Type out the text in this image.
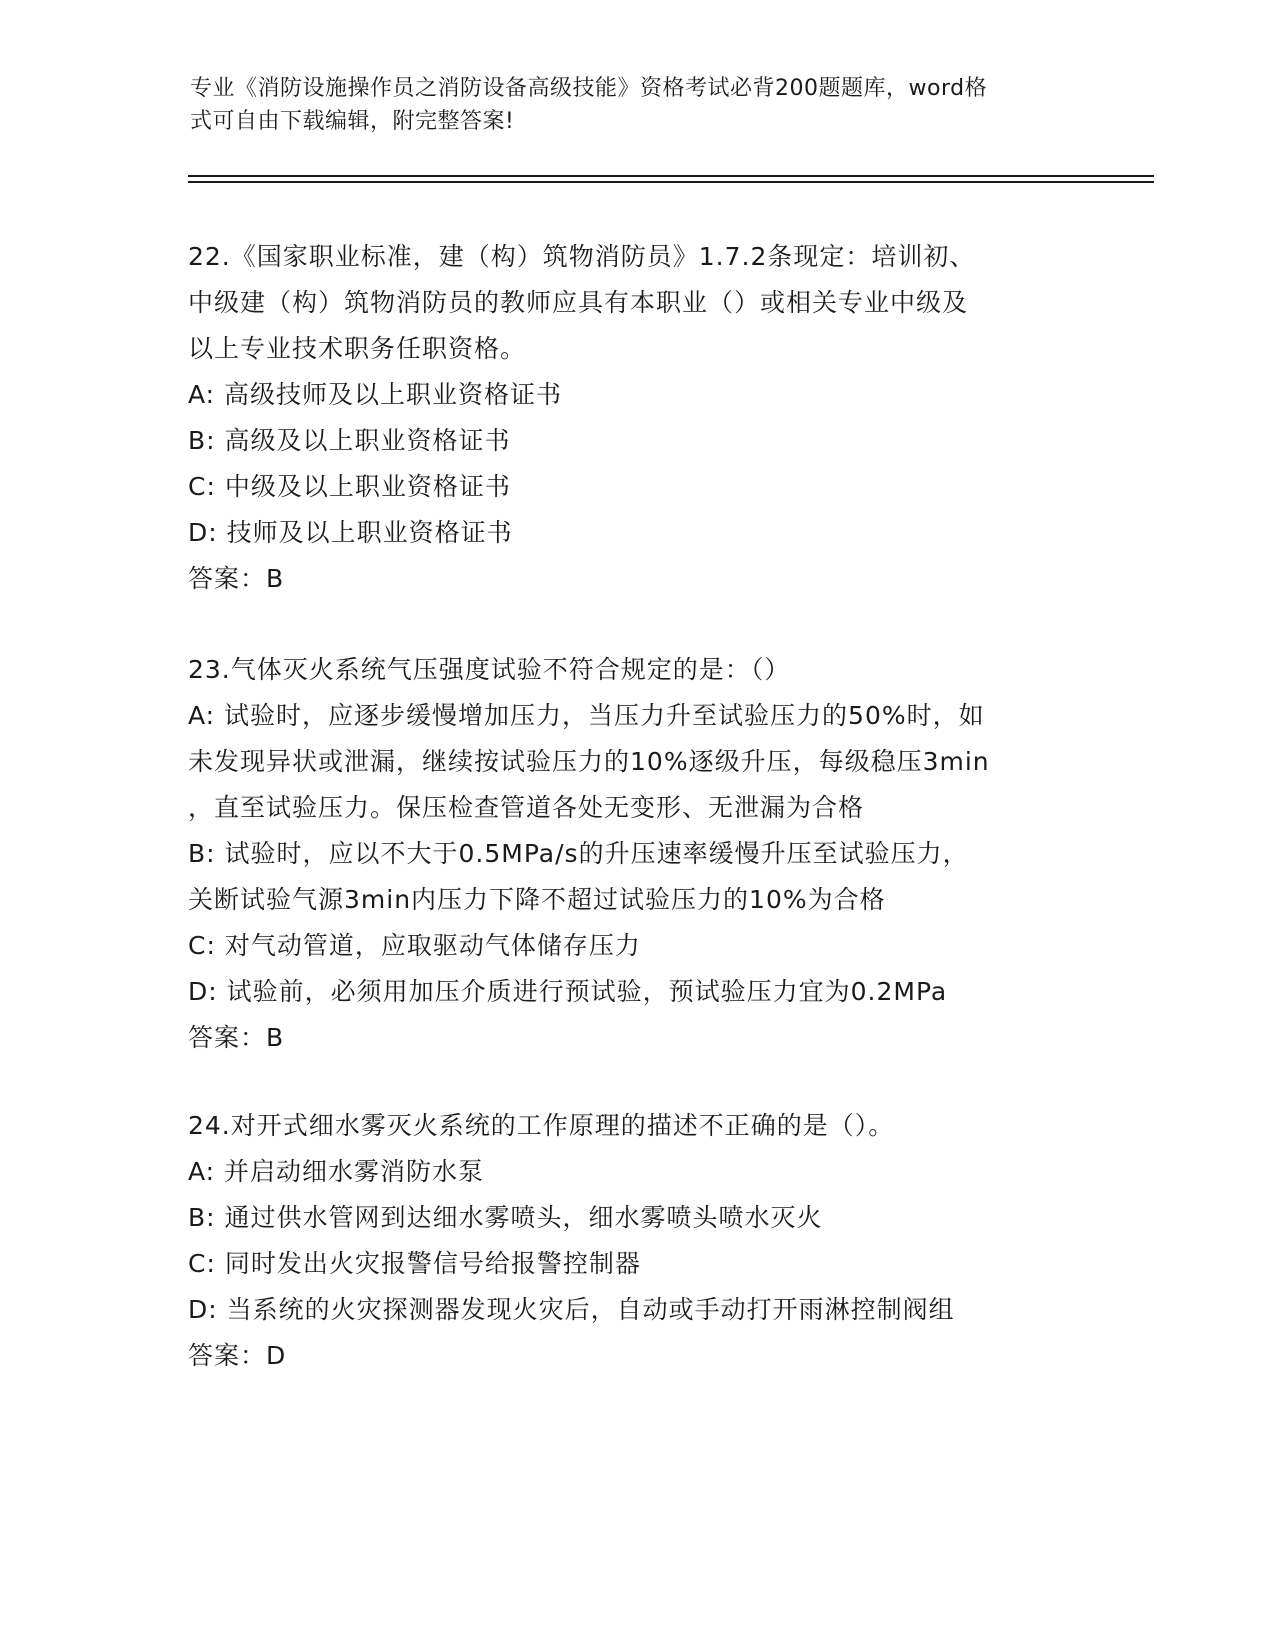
专业《消防设施操作员之消防设备高级技能》资格考试必背200题题库，word格

式可自由下载编辑，附完整答案!

22.《国家职业标准，建（构）筑物消防员》1.7.2条现定：培训初、

中级建（构）筑物消防员的教师应具有本职业（）或相关专业中级及

以上专业技术职务任职资格。

A: 高级技师及以上职业资格证书

B: 高级及以上职业资格证书

C: 中级及以上职业资格证书

D: 技师及以上职业资格证书

答案：B

23.气体灭火系统气压强度试验不符合规定的是：（）

A: 试验时，应逐步缓慢增加压力，当压力升至试验压力的50%时，如

未发现异状或泄漏，继续按试验压力的10%逐级升压，每级稳压3min

，直至试验压力。保压检查管道各处无变形、无泄漏为合格

B: 试验时，应以不大于0.5MPa/s的升压速率缓慢升压至试验压力，

关断试验气源3min内压力下降不超过试验压力的10%为合格

C: 对气动管道，应取驱动气体储存压力

D: 试验前，必须用加压介质进行预试验，预试验压力宜为0.2MPa

答案：B

24.对开式细水雾灭火系统的工作原理的描述不正确的是（）。

A: 并启动细水雾消防水泵

B: 通过供水管网到达细水雾喷头，细水雾喷头喷水灭火

C: 同时发出火灾报警信号给报警控制器

D: 当系统的火灾探测器发现火灾后，自动或手动打开雨淋控制阀组

答案：D
